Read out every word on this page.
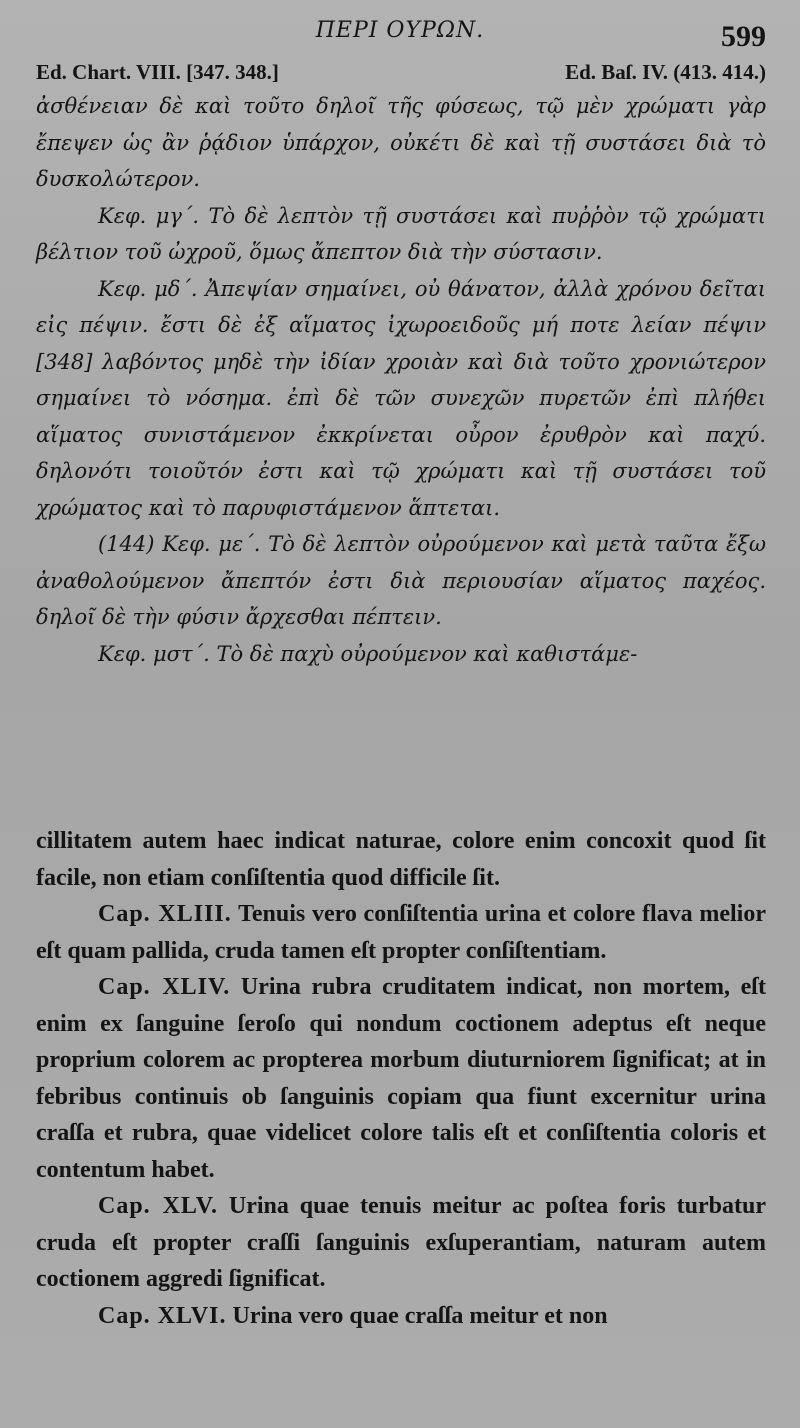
ΠΕΡΙ ΟΥΡΩΝ.	599
Ed. Chart. VIII. [347. 348.]	Ed. Baſ. IV. (413. 414.)

ἀσθένειαν δὲ καὶ τοῦτο δηλοῖ τῆς φύσεως, τῷ μὲν χρώματι γὰρ ἔπεψεν ὡς ἂν ῥᾴδιον ὑπάρχον, οὐκέτι δὲ καὶ τῇ συστάσει διὰ τὸ δυσκολώτερον.

Κεφ. μγ΄. Τὸ δὲ λεπτὸν τῇ συστάσει καὶ πυῤῥὸν τῷ χρώματι βέλτιον τοῦ ὠχροῦ, ὅμως ἄπεπτον διὰ τὴν σύστασιν.

Κεφ. μδ΄. Ἀπεψίαν σημαίνει, οὐ θάνατον, ἀλλὰ χρόνου δεῖται εἰς πέψιν. ἔστι δὲ ἐξ αἵματος ἰχωροειδοῦς μή ποτε λείαν πέψιν [348] λαβόντος μηδὲ τὴν ἰδίαν χροιὰν καὶ διὰ τοῦτο χρονιώτερον σημαίνει τὸ νόσημα. ἐπὶ δὲ τῶν συνεχῶν πυρετῶν ἐπὶ πλήθει αἵματος συνιστάμενον ἐκκρίνεται οὖρον ἐρυθρὸν καὶ παχύ. δηλονότι τοιοῦτόν ἐστι καὶ τῷ χρώματι καὶ τῇ συστάσει τοῦ χρώματος καὶ τὸ παρυφιστάμενον ἅπτεται.

(144) Κεφ. με΄. Τὸ δὲ λεπτὸν οὐρούμενον καὶ μετὰ ταῦτα ἔξω ἀναθολούμενον ἄπεπτόν ἐστι διὰ περιουσίαν αἵματος παχέος. δηλοῖ δὲ τὴν φύσιν ἄρχεσθαι πέπτειν.

Κεφ. μστ΄. Τὸ δὲ παχὺ οὐρούμενον καὶ καθιστάμε-

cillitatem autem haec indicat naturae, colore enim concoxit quod ſit facile, non etiam conſiſtentia quod difficile ſit.

Cap. XLIII. Tenuis vero conſiſtentia urina et colore flava melior eſt quam pallida, cruda tamen eſt propter conſiſtentiam.

Cap. XLIV. Urina rubra cruditatem indicat, non mortem, eſt enim ex ſanguine ſeroſo qui nondum coctionem adeptus eſt neque proprium colorem ac propterea morbum diuturniorem ſignificat; at in febribus continuis ob ſanguinis copiam qua fiunt excernitur urina craſſa et rubra, quae videlicet colore talis eſt et conſiſtentia coloris et contentum habet.

Cap. XLV. Urina quae tenuis meitur ac poſtea foris turbatur cruda eſt propter craſſi ſanguinis exſuperantiam, naturam autem coctionem aggredi ſignificat.

Cap. XLVI. Urina vero quae craſſa meitur et non
